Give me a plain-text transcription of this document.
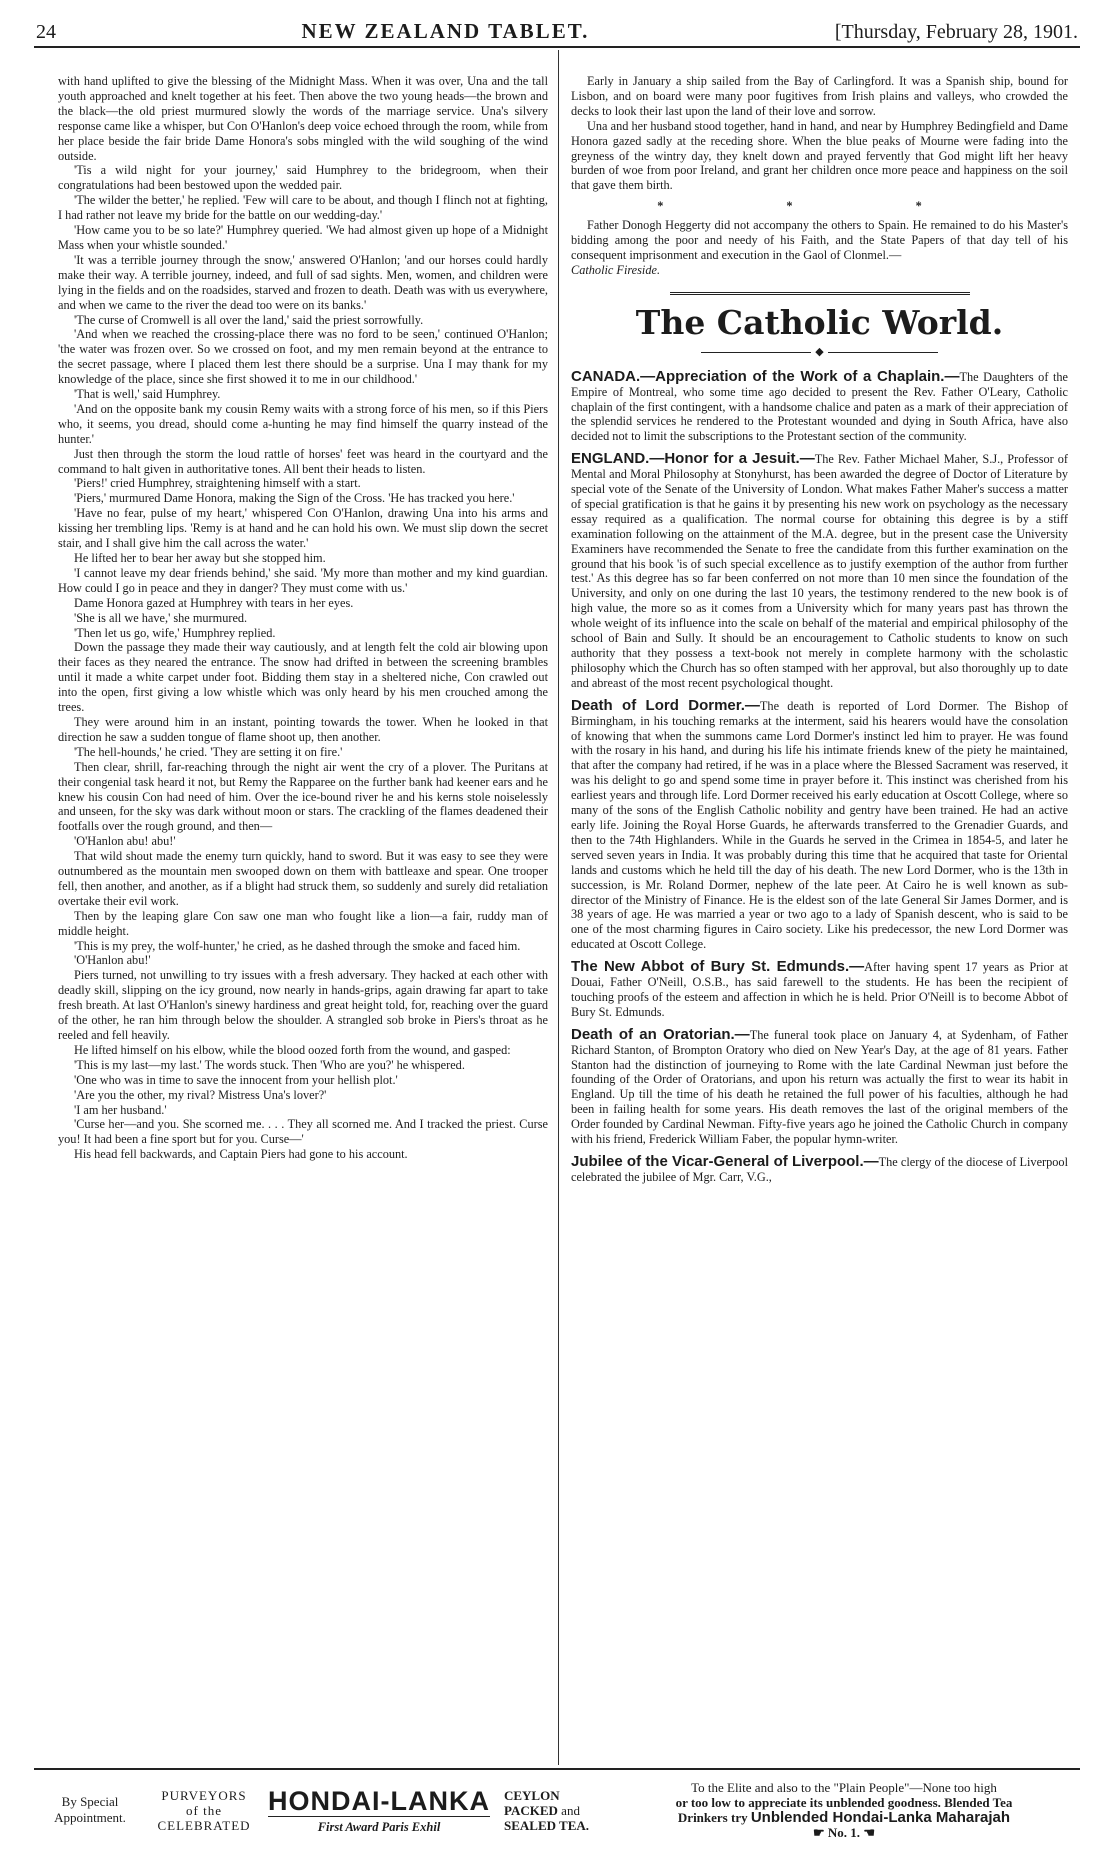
24	NEW ZEALAND TABLET.	[Thursday, February 28, 1901.

with hand uplifted to give the blessing of the Midnight Mass. When it was over, Una and the tall youth approached and knelt together at his feet. Then above the two young heads—the brown and the black—the old priest murmured slowly the words of the marriage service. Una's silvery response came like a whisper, but Con O'Hanlon's deep voice echoed through the room, while from her place beside the fair bride Dame Honora's sobs mingled with the wild soughing of the wind outside.

'Tis a wild night for your journey,' said Humphrey to the bridegroom, when their congratulations had been bestowed upon the wedded pair.

'The wilder the better,' he replied. 'Few will care to be about, and though I flinch not at fighting, I had rather not leave my bride for the battle on our wedding-day.'

'How came you to be so late?' Humphrey queried. 'We had almost given up hope of a Midnight Mass when your whistle sounded.'

'It was a terrible journey through the snow,' answered O'Hanlon; 'and our horses could hardly make their way. A terrible journey, indeed, and full of sad sights. Men, women, and children were lying in the fields and on the roadsides, starved and frozen to death. Death was with us everywhere, and when we came to the river the dead too were on its banks.'

'The curse of Cromwell is all over the land,' said the priest sorrowfully.

'And when we reached the crossing-place there was no ford to be seen,' continued O'Hanlon; 'the water was frozen over. So we crossed on foot, and my men remain beyond at the entrance to the secret passage, where I placed them lest there should be a surprise. Una I may thank for my knowledge of the place, since she first showed it to me in our childhood.'

'That is well,' said Humphrey.

'And on the opposite bank my cousin Remy waits with a strong force of his men, so if this Piers who, it seems, you dread, should come a-hunting he may find himself the quarry instead of the hunter.'

Just then through the storm the loud rattle of horses' feet was heard in the courtyard and the command to halt given in authoritative tones. All bent their heads to listen.

'Piers!' cried Humphrey, straightening himself with a start.

'Piers,' murmured Dame Honora, making the Sign of the Cross. 'He has tracked you here.'

'Have no fear, pulse of my heart,' whispered Con O'Hanlon, drawing Una into his arms and kissing her trembling lips. 'Remy is at hand and he can hold his own. We must slip down the secret stair, and I shall give him the call across the water.'

He lifted her to bear her away but she stopped him.

'I cannot leave my dear friends behind,' she said. 'My more than mother and my kind guardian. How could I go in peace and they in danger? They must come with us.'

Dame Honora gazed at Humphrey with tears in her eyes.

'She is all we have,' she murmured.

'Then let us go, wife,' Humphrey replied.

Down the passage they made their way cautiously, and at length felt the cold air blowing upon their faces as they neared the entrance. The snow had drifted in between the screening brambles until it made a white carpet under foot. Bidding them stay in a sheltered niche, Con crawled out into the open, first giving a low whistle which was only heard by his men crouched among the trees.

They were around him in an instant, pointing towards the tower. When he looked in that direction he saw a sudden tongue of flame shoot up, then another.

'The hell-hounds,' he cried. 'They are setting it on fire.'

Then clear, shrill, far-reaching through the night air went the cry of a plover. The Puritans at their congenial task heard it not, but Remy the Rapparee on the further bank had keener ears and he knew his cousin Con had need of him. Over the ice-bound river he and his kerns stole noiselessly and unseen, for the sky was dark without moon or stars. The crackling of the flames deadened their footfalls over the rough ground, and then—

'O'Hanlon abu! abu!'

That wild shout made the enemy turn quickly, hand to sword. But it was easy to see they were outnumbered as the mountain men swooped down on them with battleaxe and spear. One trooper fell, then another, and another, as if a blight had struck them, so suddenly and surely did retaliation overtake their evil work.

Then by the leaping glare Con saw one man who fought like a lion—a fair, ruddy man of middle height.

'This is my prey, the wolf-hunter,' he cried, as he dashed through the smoke and faced him.

'O'Hanlon abu!'

Piers turned, not unwilling to try issues with a fresh adversary. They hacked at each other with deadly skill, slipping on the icy ground, now nearly in hands-grips, again drawing far apart to take fresh breath. At last O'Hanlon's sinewy hardiness and great height told, for, reaching over the guard of the other, he ran him through below the shoulder. A strangled sob broke in Piers's throat as he reeled and fell heavily.

He lifted himself on his elbow, while the blood oozed forth from the wound, and gasped:

'This is my last—my last.' The words stuck. Then 'Who are you?' he whispered.

'One who was in time to save the innocent from your hellish plot.'

'Are you the other, my rival? Mistress Una's lover?'

'I am her husband.'

'Curse her—and you. She scorned me. . . . They all scorned me. And I tracked the priest. Curse you! It had been a fine sport but for you. Curse—'

His head fell backwards, and Captain Piers had gone to his account.

Early in January a ship sailed from the Bay of Carlingford. It was a Spanish ship, bound for Lisbon, and on board were many poor fugitives from Irish plains and valleys, who crowded the decks to look their last upon the land of their love and sorrow.

Una and her husband stood together, hand in hand, and near by Humphrey Bedingfield and Dame Honora gazed sadly at the receding shore. When the blue peaks of Mourne were fading into the greyness of the wintry day, they knelt down and prayed fervently that God might lift her heavy burden of woe from poor Ireland, and grant her children once more peace and happiness on the soil that gave them birth.

* * *

Father Donogh Heggerty did not accompany the others to Spain. He remained to do his Master's bidding among the poor and needy of his Faith, and the State Papers of that day tell of his consequent imprisonment and execution in the Gaol of Clonmel.—

Catholic Fireside.

The Catholic World.
◆

CANADA.—Appreciation of the Work of a Chaplain.—The Daughters of the Empire of Montreal, who some time ago decided to present the Rev. Father O'Leary, Catholic chaplain of the first contingent, with a handsome chalice and paten as a mark of their appreciation of the splendid services he rendered to the Protestant wounded and dying in South Africa, have also decided not to limit the subscriptions to the Protestant section of the community.

ENGLAND.—Honor for a Jesuit.—The Rev. Father Michael Maher, S.J., Professor of Mental and Moral Philosophy at Stonyhurst, has been awarded the degree of Doctor of Literature by special vote of the Senate of the University of London. What makes Father Maher's success a matter of special gratification is that he gains it by presenting his new work on psychology as the necessary essay required as a qualification. The normal course for obtaining this degree is by a stiff examination following on the attainment of the M.A. degree, but in the present case the University Examiners have recommended the Senate to free the candidate from this further examination on the ground that his book 'is of such special excellence as to justify exemption of the author from further test.' As this degree has so far been conferred on not more than 10 men since the foundation of the University, and only on one during the last 10 years, the testimony rendered to the new book is of high value, the more so as it comes from a University which for many years past has thrown the whole weight of its influence into the scale on behalf of the material and empirical philosophy of the school of Bain and Sully. It should be an encouragement to Catholic students to know on such authority that they possess a text-book not merely in complete harmony with the scholastic philosophy which the Church has so often stamped with her approval, but also thoroughly up to date and abreast of the most recent psychological thought.

Death of Lord Dormer.—The death is reported of Lord Dormer. The Bishop of Birmingham, in his touching remarks at the interment, said his hearers would have the consolation of knowing that when the summons came Lord Dormer's instinct led him to prayer. He was found with the rosary in his hand, and during his life his intimate friends knew of the piety he maintained, that after the company had retired, if he was in a place where the Blessed Sacrament was reserved, it was his delight to go and spend some time in prayer before it. This instinct was cherished from his earliest years and through life. Lord Dormer received his early education at Oscott College, where so many of the sons of the English Catholic nobility and gentry have been trained. He had an active early life. Joining the Royal Horse Guards, he afterwards transferred to the Grenadier Guards, and then to the 74th Highlanders. While in the Guards he served in the Crimea in 1854-5, and later he served seven years in India. It was probably during this time that he acquired that taste for Oriental lands and customs which he held till the day of his death. The new Lord Dormer, who is the 13th in succession, is Mr. Roland Dormer, nephew of the late peer. At Cairo he is well known as sub-director of the Ministry of Finance. He is the eldest son of the late General Sir James Dormer, and is 38 years of age. He was married a year or two ago to a lady of Spanish descent, who is said to be one of the most charming figures in Cairo society. Like his predecessor, the new Lord Dormer was educated at Oscott College.

The New Abbot of Bury St. Edmunds.—After having spent 17 years as Prior at Douai, Father O'Neill, O.S.B., has said farewell to the students. He has been the recipient of touching proofs of the esteem and affection in which he is held. Prior O'Neill is to become Abbot of Bury St. Edmunds.

Death of an Oratorian.—The funeral took place on January 4, at Sydenham, of Father Richard Stanton, of Brompton Oratory who died on New Year's Day, at the age of 81 years. Father Stanton had the distinction of journeying to Rome with the late Cardinal Newman just before the founding of the Order of Oratorians, and upon his return was actually the first to wear its habit in England. Up till the time of his death he retained the full power of his faculties, although he had been in failing health for some years. His death removes the last of the original members of the Order founded by Cardinal Newman. Fifty-five years ago he joined the Catholic Church in company with his friend, Frederick William Faber, the popular hymn-writer.

Jubilee of the Vicar-General of Liverpool.—The clergy of the diocese of Liverpool celebrated the jubilee of Mgr. Carr, V.G.,

By Special
Appointment.
PURVEYORS
of the
CELEBRATED
HONDAI-LANKA
First Award Paris Exhil
CEYLON
PACKED and
SEALED TEA.
To the Elite and also to the "Plain People"—None too high
or too low to appreciate its unblended goodness. Blended Tea
Drinkers try Unblended Hondai-Lanka Maharajah
☛ No. 1. ☚
